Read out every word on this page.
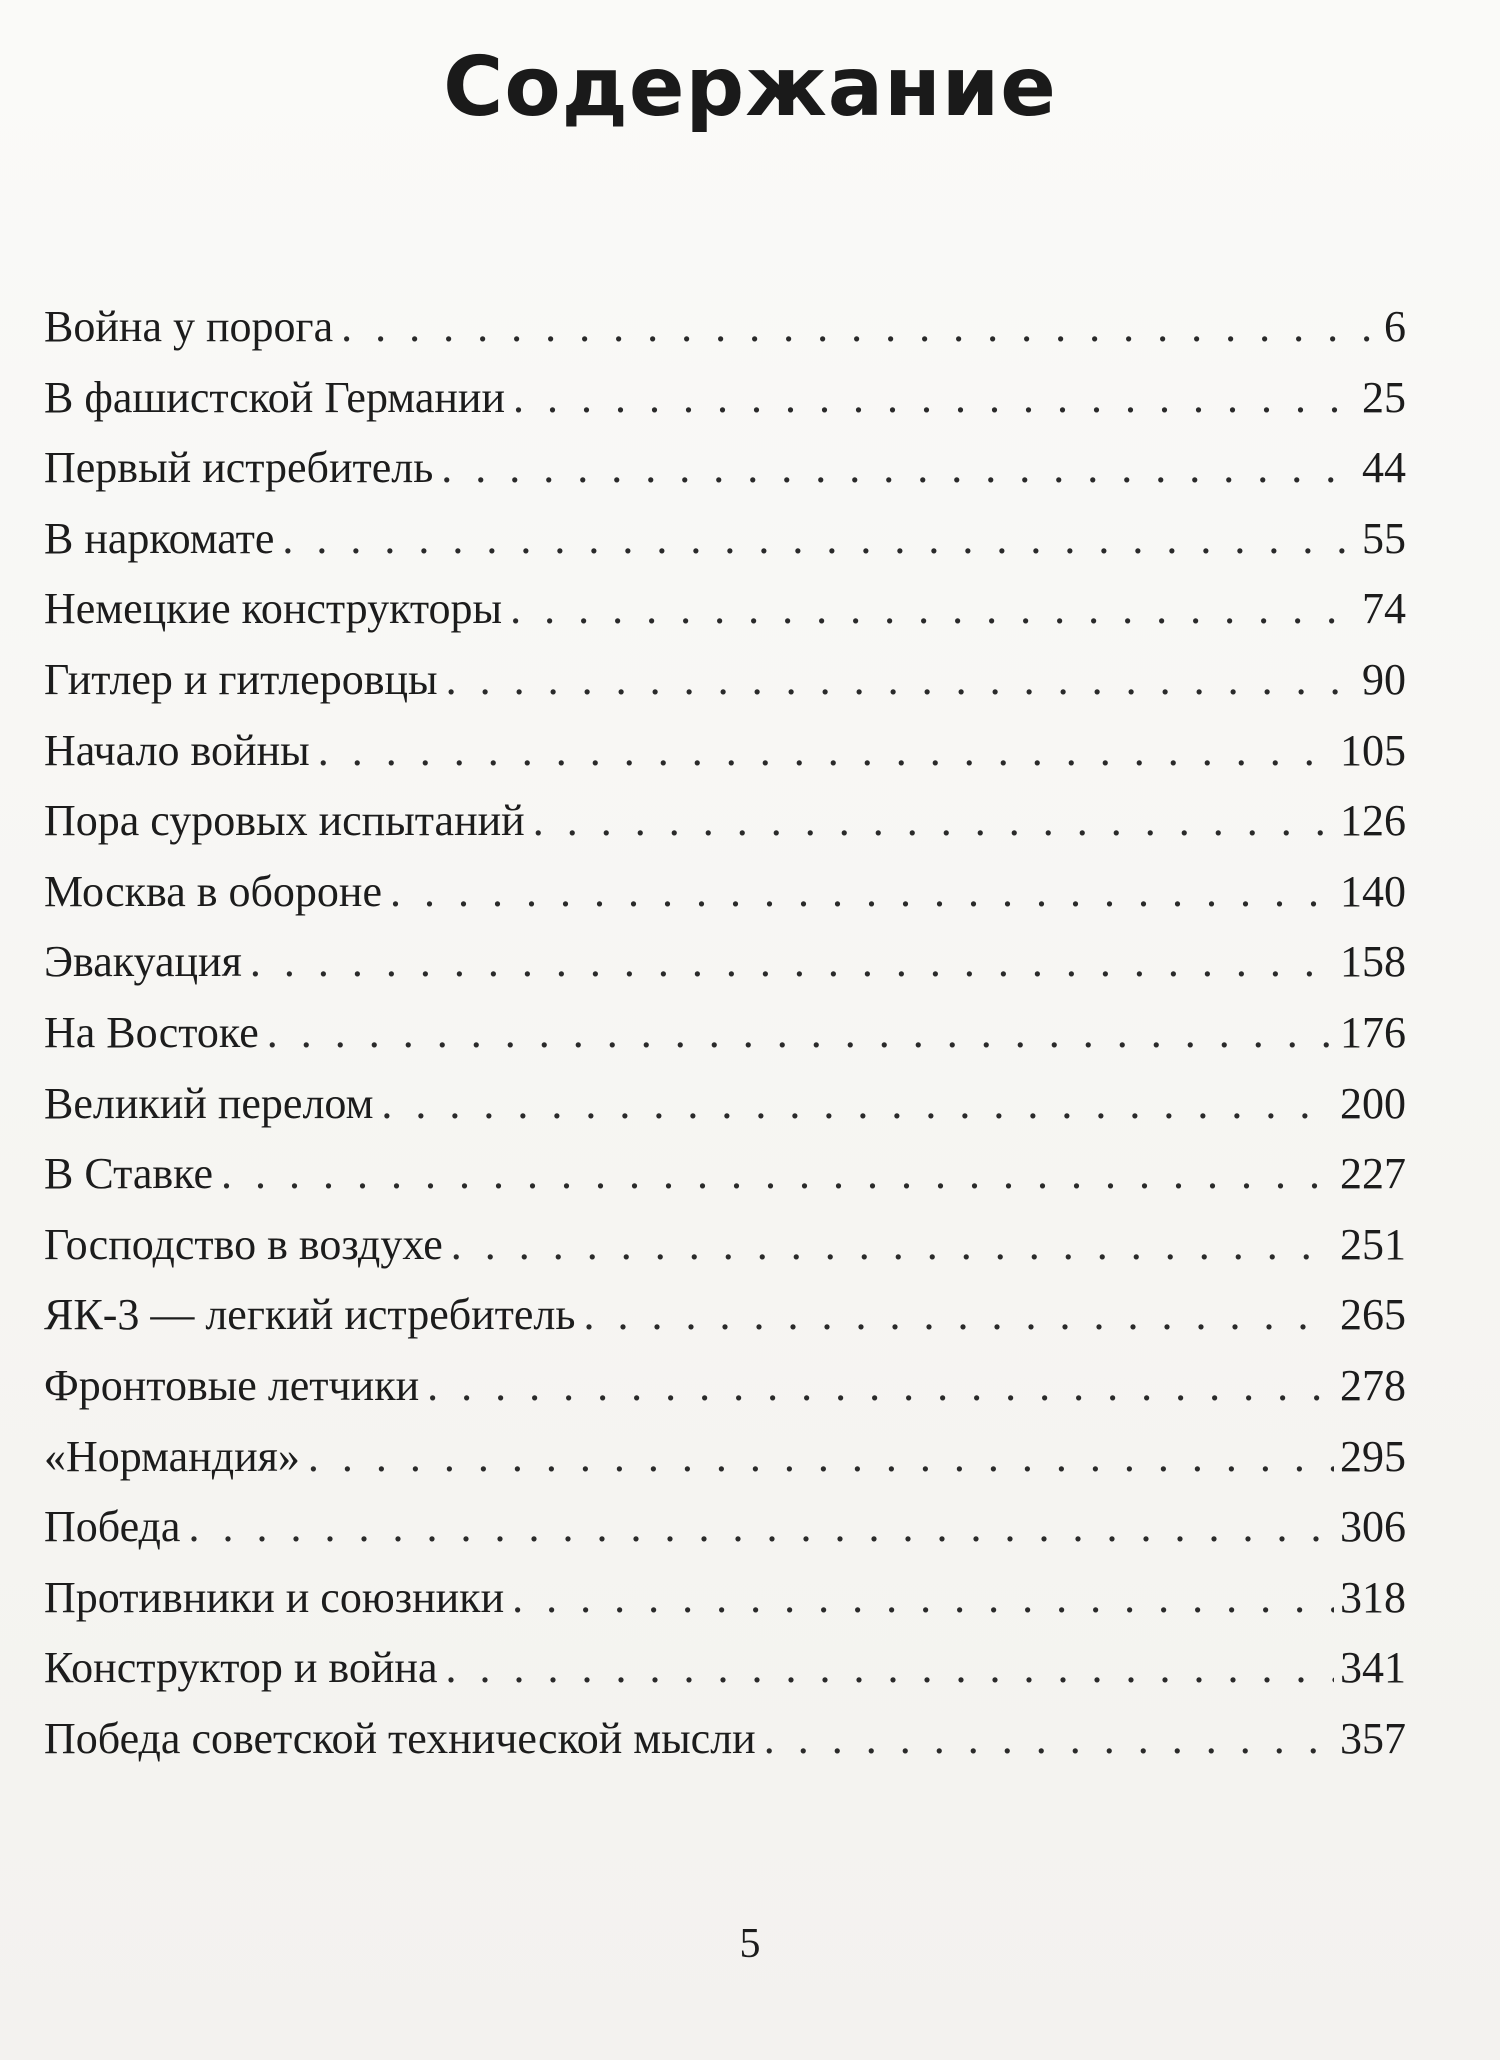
Содержание
Война у порога . . .	6
В фашистской Германии . . .	25
Первый истребитель . . .	44
В наркомате . . .	55
Немецкие конструкторы . . .	74
Гитлер и гитлеровцы . . .	90
Начало войны . . .	105
Пора суровых испытаний . . .	126
Москва в обороне . . .	140
Эвакуация . . .	158
На Востоке . . .	176
Великий перелом . . .	200
В Ставке . . .	227
Господство в воздухе . . .	251
ЯК-3 — легкий истребитель . . .	265
Фронтовые летчики . . .	278
«Нормандия» . . .	295
Победа . . .	306
Противники и союзники . . .	318
Конструктор и война . . .	341
Победа советской технической мысли . . .	357
5
